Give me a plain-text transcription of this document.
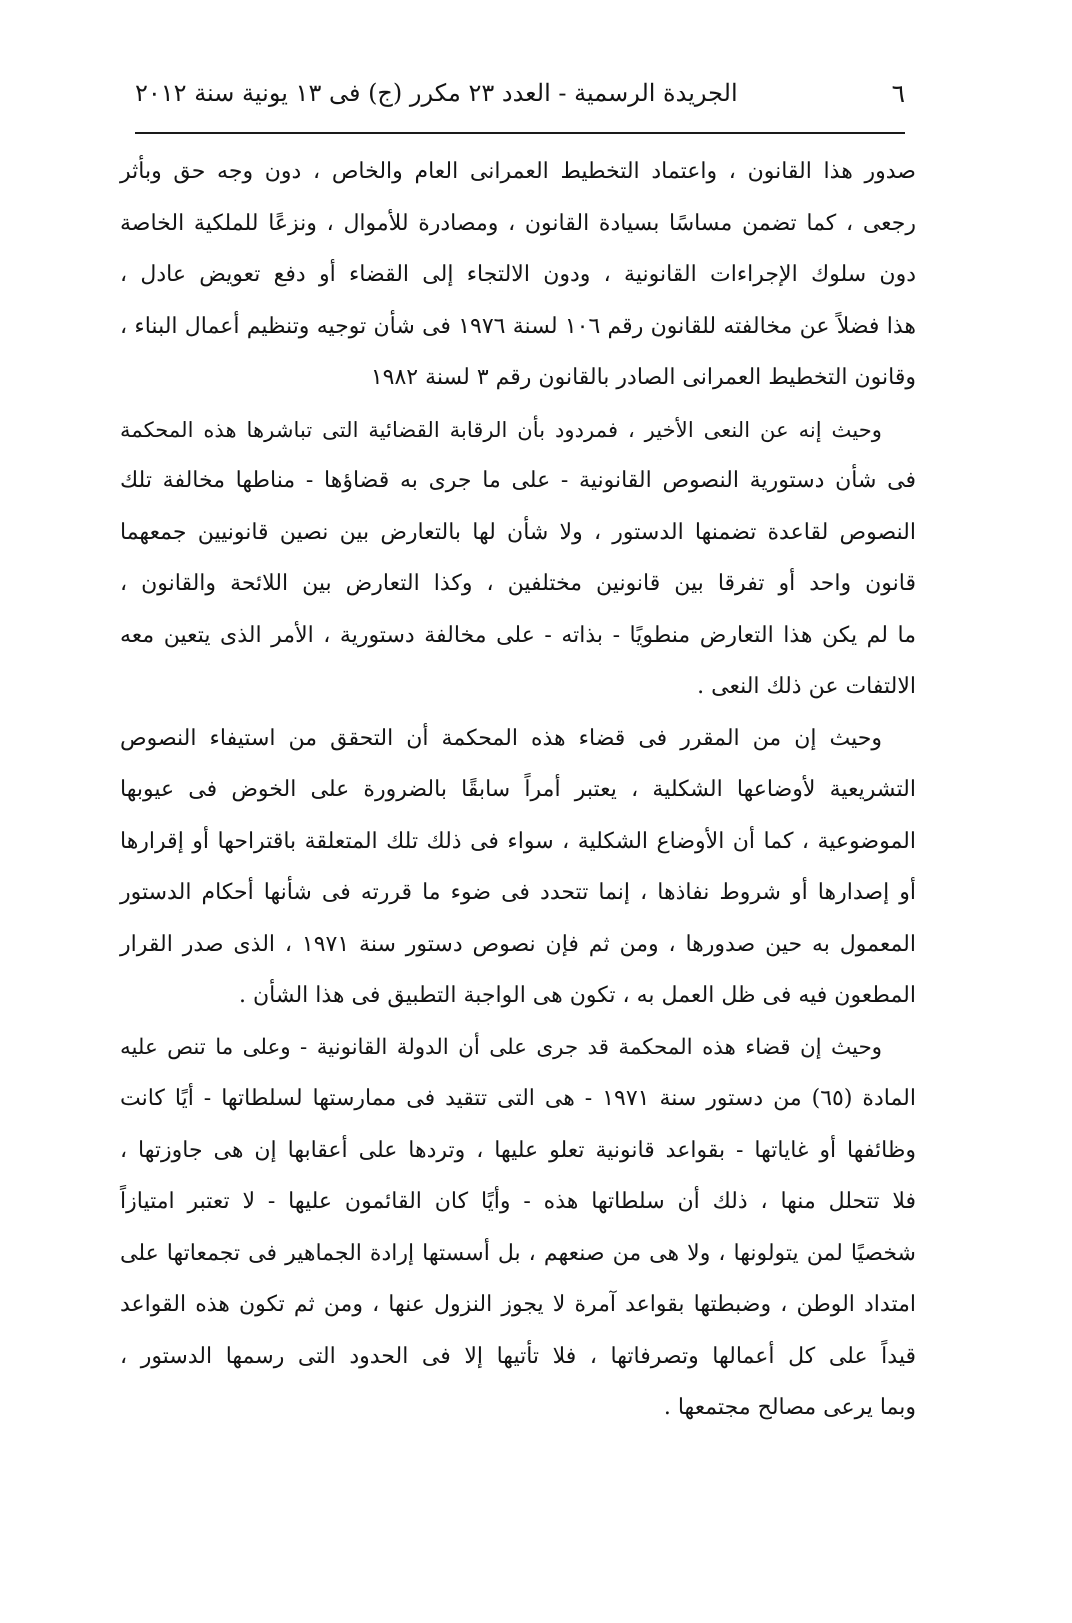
٦
الجريدة الرسمية - العدد ٢٣ مكرر (ج) فى ١٣ يونية سنة ٢٠١٢
صدور هذا القانون ، واعتماد التخطيط العمرانى العام والخاص ، دون وجه حق وبأثر
رجعى ، كما تضمن مساسًا بسيادة القانون ، ومصادرة للأموال ، ونزعًا للملكية الخاصة
دون سلوك الإجراءات القانونية ، ودون الالتجاء إلى القضاء أو دفع تعويض عادل ،
هذا فضلاً عن مخالفته للقانون رقم ١٠٦ لسنة ١٩٧٦ فى شأن توجيه وتنظيم أعمال البناء ،
وقانون التخطيط العمرانى الصادر بالقانون رقم ٣ لسنة ١٩٨٢
وحيث إنه عن النعى الأخير ، فمردود بأن الرقابة القضائية التى تباشرها هذه المحكمة
فى شأن دستورية النصوص القانونية - على ما جرى به قضاؤها - مناطها مخالفة تلك
النصوص لقاعدة تضمنها الدستور ، ولا شأن لها بالتعارض بين نصين قانونيين جمعهما
قانون واحد أو تفرقا بين قانونين مختلفين ، وكذا التعارض بين اللائحة والقانون ،
ما لم يكن هذا التعارض منطويًا - بذاته - على مخالفة دستورية ، الأمر الذى يتعين معه
الالتفات عن ذلك النعى .
وحيث إن من المقرر فى قضاء هذه المحكمة أن التحقق من استيفاء النصوص
التشريعية لأوضاعها الشكلية ، يعتبر أمراً سابقًا بالضرورة على الخوض فى عيوبها
الموضوعية ، كما أن الأوضاع الشكلية ، سواء فى ذلك تلك المتعلقة باقتراحها أو إقرارها
أو إصدارها أو شروط نفاذها ، إنما تتحدد فى ضوء ما قررته فى شأنها أحكام الدستور
المعمول به حين صدورها ، ومن ثم فإن نصوص دستور سنة ١٩٧١ ، الذى صدر القرار
المطعون فيه فى ظل العمل به ، تكون هى الواجبة التطبيق فى هذا الشأن .
وحيث إن قضاء هذه المحكمة قد جرى على أن الدولة القانونية - وعلى ما تنص عليه
المادة (٦٥) من دستور سنة ١٩٧١ - هى التى تتقيد فى ممارستها لسلطاتها - أيًا كانت
وظائفها أو غاياتها - بقواعد قانونية تعلو عليها ، وتردها على أعقابها إن هى جاوزتها ،
فلا تتحلل منها ، ذلك أن سلطاتها هذه - وأيًا كان القائمون عليها - لا تعتبر امتيازاً
شخصيًا لمن يتولونها ، ولا هى من صنعهم ، بل أسستها إرادة الجماهير فى تجمعاتها على
امتداد الوطن ، وضبطتها بقواعد آمرة لا يجوز النزول عنها ، ومن ثم تكون هذه القواعد
قيداً على كل أعمالها وتصرفاتها ، فلا تأتيها إلا فى الحدود التى رسمها الدستور ،
وبما يرعى مصالح مجتمعها .
